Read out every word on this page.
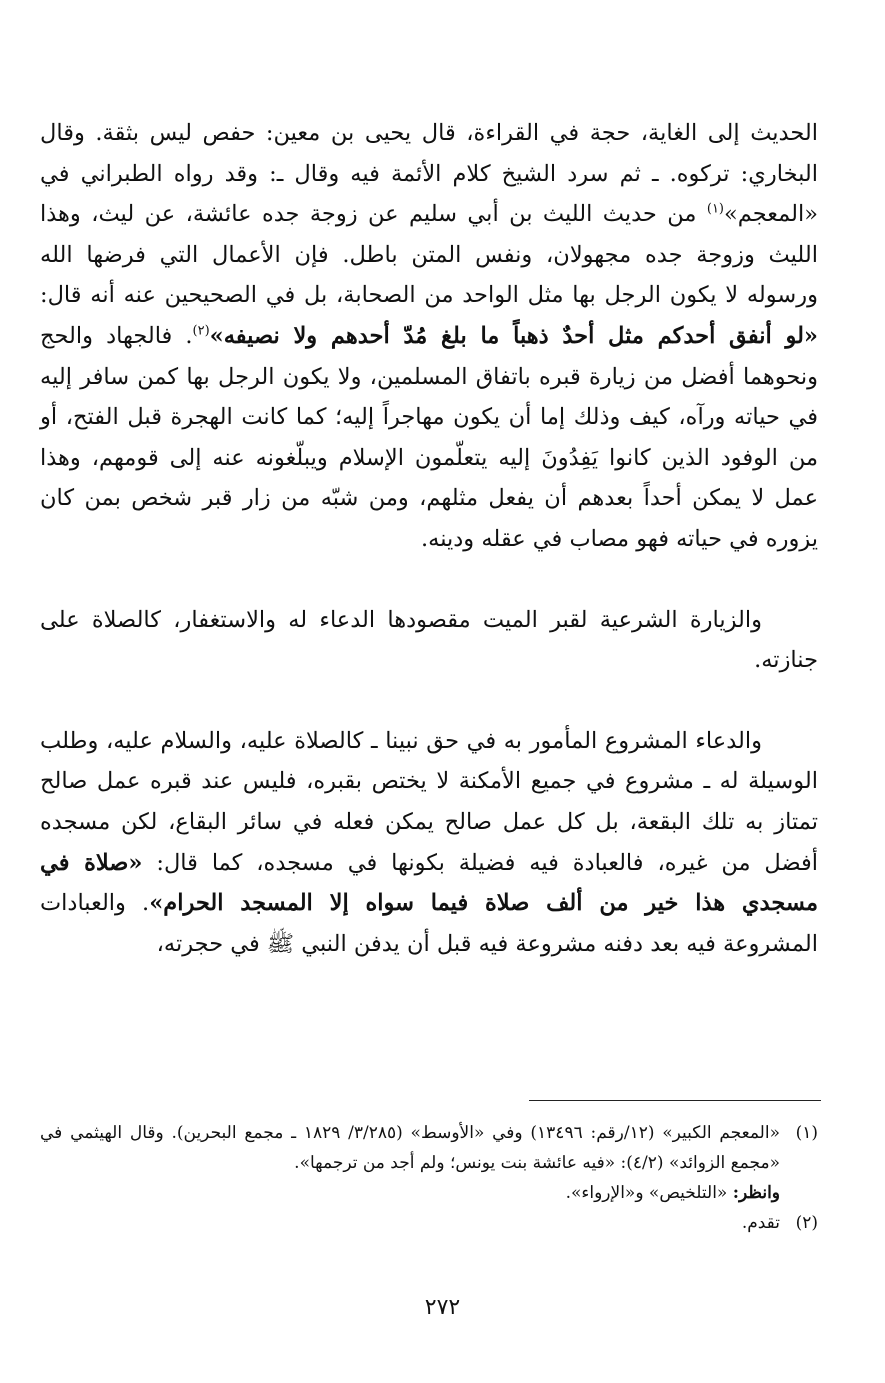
الحديث إلى الغاية، حجة في القراءة، قال يحيى بن معين: حفص ليس بثقة. وقال البخاري: تركوه. ـ ثم سرد الشيخ كلام الأئمة فيه وقال ـ: وقد رواه الطبراني في «المعجم»$^{(١)}$ من حديث الليث بن أبي سليم عن زوجة جده عائشة، عن ليث، وهذا الليث وزوجة جده مجهولان، ونفس المتن باطل. فإن الأعمال التي فرضها الله ورسوله لا يكون الرجل بها مثل الواحد من الصحابة، بل في الصحيحين عنه أنه قال: «لو أنفق أحدكم مثل أحدٌ ذهباً ما بلغ مُدّ أحدهم ولا نصيفه»$^{(٢)}$. فالجهاد والحج ونحوهما أفضل من زيارة قبره باتفاق المسلمين، ولا يكون الرجل بها كمن سافر إليه في حياته ورآه، كيف وذلك إما أن يكون مهاجراً إليه؛ كما كانت الهجرة قبل الفتح، أو من الوفود الذين كانوا يَفِدُونَ إليه يتعلّمون الإسلام ويبلّغونه عنه إلى قومهم، وهذا عمل لا يمكن أحداً بعدهم أن يفعل مثلهم، ومن شبّه من زار قبر شخص بمن كان يزوره في حياته فهو مصاب في عقله ودينه.

والزيارة الشرعية لقبر الميت مقصودها الدعاء له والاستغفار، كالصلاة على جنازته.

والدعاء المشروع المأمور به في حق نبينا ـ كالصلاة عليه، والسلام عليه، وطلب الوسيلة له ـ مشروع في جميع الأمكنة لا يختص بقبره، فليس عند قبره عمل صالح تمتاز به تلك البقعة، بل كل عمل صالح يمكن فعله في سائر البقاع، لكن مسجده أفضل من غيره، فالعبادة فيه فضيلة بكونها في مسجده، كما قال: «صلاة في مسجدي هذا خير من ألف صلاة فيما سواه إلا المسجد الحرام». والعبادات المشروعة فيه بعد دفنه مشروعة فيه قبل أن يدفن النبي ﷺ في حجرته،

(١)
«المعجم الكبير» (١٢/رقم: ١٣٤٩٦) وفي «الأوسط» (٣/٢٨٥/ ١٨٢٩ ـ مجمع البحرين). وقال الهيثمي في «مجمع الزوائد» (٤/٢): «فيه عائشة بنت يونس؛ ولم أجد من ترجمها».

وانظر: «التلخيص» و«الإرواء».

(٢)
تقدم.

٢٧٢
